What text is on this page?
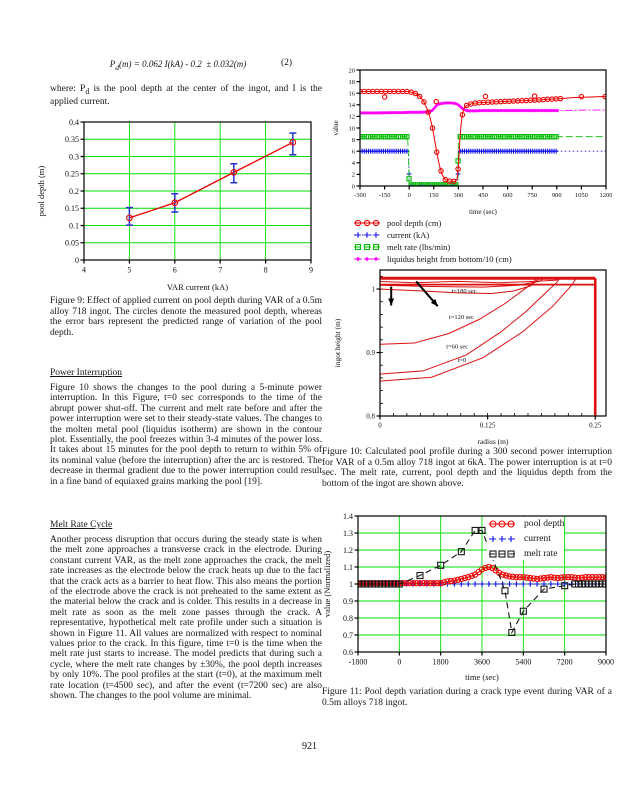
$P_d(m) = 0.062$ I(kA) - 0.2 ± 0.032(m)	(2)
where: $P_d$ is the pool depth at the center of the ingot, and I is the applied current.
4	5	6	7	8	9
0
0.05
0.1
0.15
0.2
0.25
0.3
0.35
0.4
VAR current (kA)
pool depth (m)
Figure 9: Effect of applied current on pool depth during VAR of a 0.5m alloy 718 ingot. The circles denote the measured pool depth, whereas the error bars represent the predicted range of variation of the pool depth.
Power Interruption
Figure 10 shows the changes to the pool during a 5-minute power interruption. In this Figure, t=0 sec corresponds to the time of the abrupt power shut-off. The current and melt rate before and after the power interruption were set to their steady-state values. The changes to the molten metal pool (liquidus isotherm) are shown in the contour plot. Essentially, the pool freezes within 3-4 minutes of the power loss. It takes about 15 minutes for the pool depth to return to within 5% of its nominal value (before the interruption) after the arc is restored. The decrease in thermal gradient due to the power interruption could result in a fine band of equiaxed grains marking the pool [19].
Melt Rate Cycle
Another process disruption that occurs during the steady state is when the melt zone approaches a transverse crack in the electrode. During constant current VAR, as the melt zone approaches the crack, the melt rate increases as the electrode below the crack heats up due to the fact that the crack acts as a barrier to heat flow. This also means the portion of the electrode above the crack is not preheated to the same extent as the material below the crack and is colder. This results in a decrease in melt rate as soon as the melt zone passes through the crack. A representative, hypothetical melt rate profile under such a situation is shown in Figure 11. All values are normalized with respect to nominal values prior to the crack. In this figure, time t=0 is the time when the melt rate just starts to increase. The model predicts that during such a cycle, where the melt rate changes by ±30%, the pool depth increases by only 10%. The pool profiles at the start (t=0), at the maximum melt rate location (t=4500 sec), and after the event (t=7200 sec) are also shown. The changes to the pool volume are minimal.
-300 -150	0	150 300 450 600 750 900 1050 1200
0
2
4
6
8
10
12
14
16
18
20
time (sec)
value
pool depth (cm)
current (kA)
melt rate (lbs/min)
liquidus height from bottom/10 (cm)
t=180 sec
t=120 sec
t=60 sec
t=0
0	0.125	0.25
0.8
0.9
1
radius (m)
ingot height (m)
Figure 10: Calculated pool profile during a 300 second power interruption for VAR of a 0.5m alloy 718 ingot at 6kA. The power interruption is at t=0 sec. The melt rate, current, pool depth and the liquidus depth from the bottom of the ingot are shown above.
-1800	0	1800	3600	5400	7200	9000
0.6
0.7
0.8
0.9
1
1.1
1.2
1.3
1.4
time (sec)
value (Normalized)
pool depth
current
melt rate
Figure 11: Pool depth variation during a crack type event during VAR of a 0.5m alloys 718 ingot.
921
